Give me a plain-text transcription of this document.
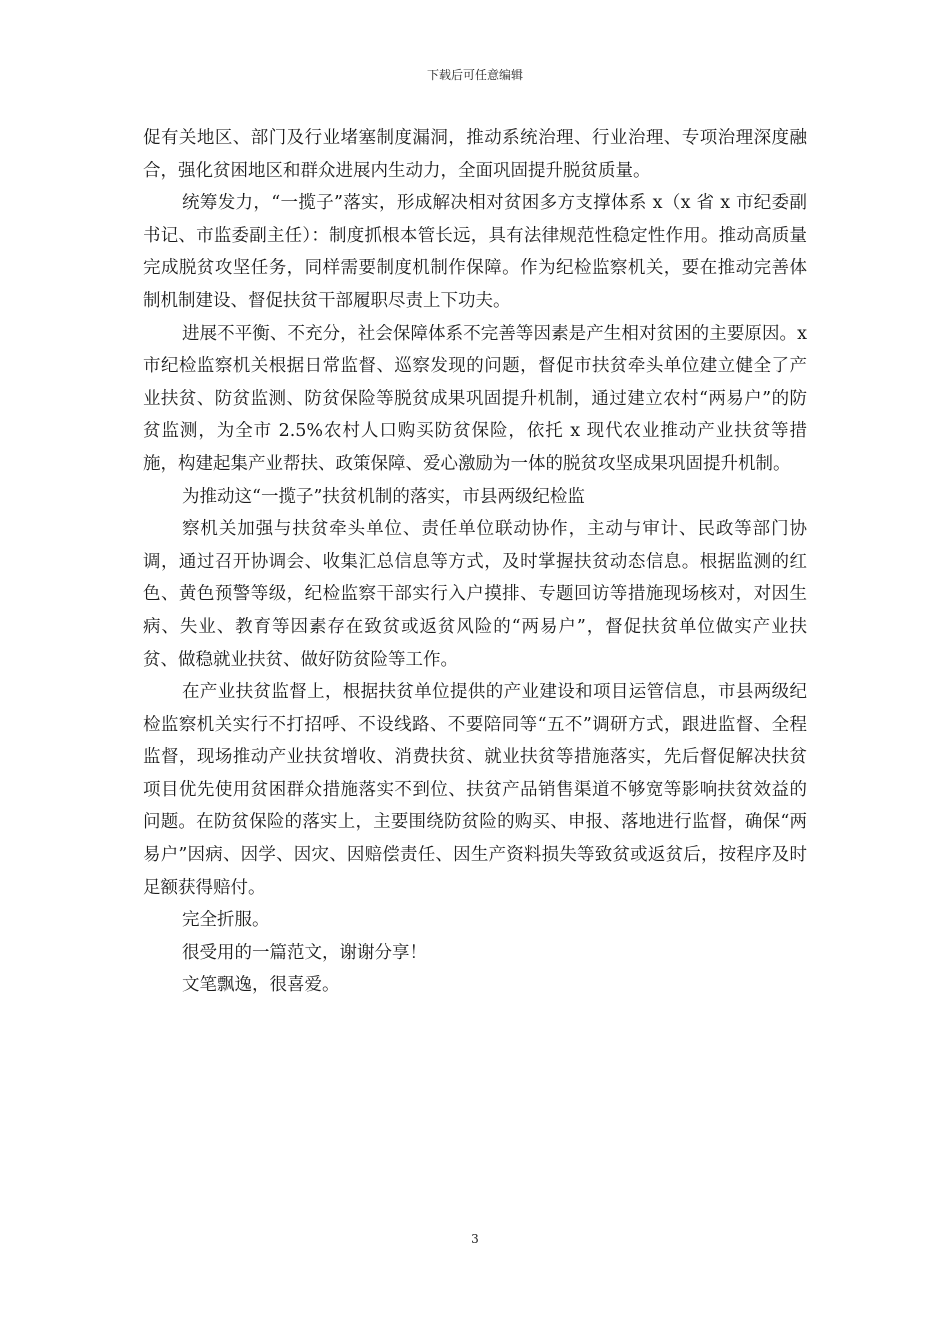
下载后可任意编辑

促有关地区、部门及行业堵塞制度漏洞，推动系统治理、行业治理、专项治理深度融合，强化贫困地区和群众进展内生动力，全面巩固提升脱贫质量。

统筹发力，“一揽子”落实，形成解决相对贫困多方支撑体系 x（x 省 x 市纪委副书记、市监委副主任）：制度抓根本管长远，具有法律规范性稳定性作用。推动高质量完成脱贫攻坚任务，同样需要制度机制作保障。作为纪检监察机关，要在推动完善体制机制建设、督促扶贫干部履职尽责上下功夫。

进展不平衡、不充分，社会保障体系不完善等因素是产生相对贫困的主要原因。x 市纪检监察机关根据日常监督、巡察发现的问题，督促市扶贫牵头单位建立健全了产业扶贫、防贫监测、防贫保险等脱贫成果巩固提升机制，通过建立农村“两易户”的防贫监测，为全市 2.5%农村人口购买防贫保险，依托 x 现代农业推动产业扶贫等措施，构建起集产业帮扶、政策保障、爱心激励为一体的脱贫攻坚成果巩固提升机制。

为推动这“一揽子”扶贫机制的落实，市县两级纪检监

察机关加强与扶贫牵头单位、责任单位联动协作，主动与审计、民政等部门协调，通过召开协调会、收集汇总信息等方式，及时掌握扶贫动态信息。根据监测的红色、黄色预警等级，纪检监察干部实行入户摸排、专题回访等措施现场核对，对因生病、失业、教育等因素存在致贫或返贫风险的“两易户”，督促扶贫单位做实产业扶贫、做稳就业扶贫、做好防贫险等工作。

在产业扶贫监督上，根据扶贫单位提供的产业建设和项目运管信息，市县两级纪检监察机关实行不打招呼、不设线路、不要陪同等“五不”调研方式，跟进监督、全程监督，现场推动产业扶贫增收、消费扶贫、就业扶贫等措施落实，先后督促解决扶贫项目优先使用贫困群众措施落实不到位、扶贫产品销售渠道不够宽等影响扶贫效益的问题。在防贫保险的落实上，主要围绕防贫险的购买、申报、落地进行监督，确保“两易户”因病、因学、因灾、因赔偿责任、因生产资料损失等致贫或返贫后，按程序及时足额获得赔付。

完全折服。

很受用的一篇范文，谢谢分享！

文笔飘逸，很喜爱。

3
